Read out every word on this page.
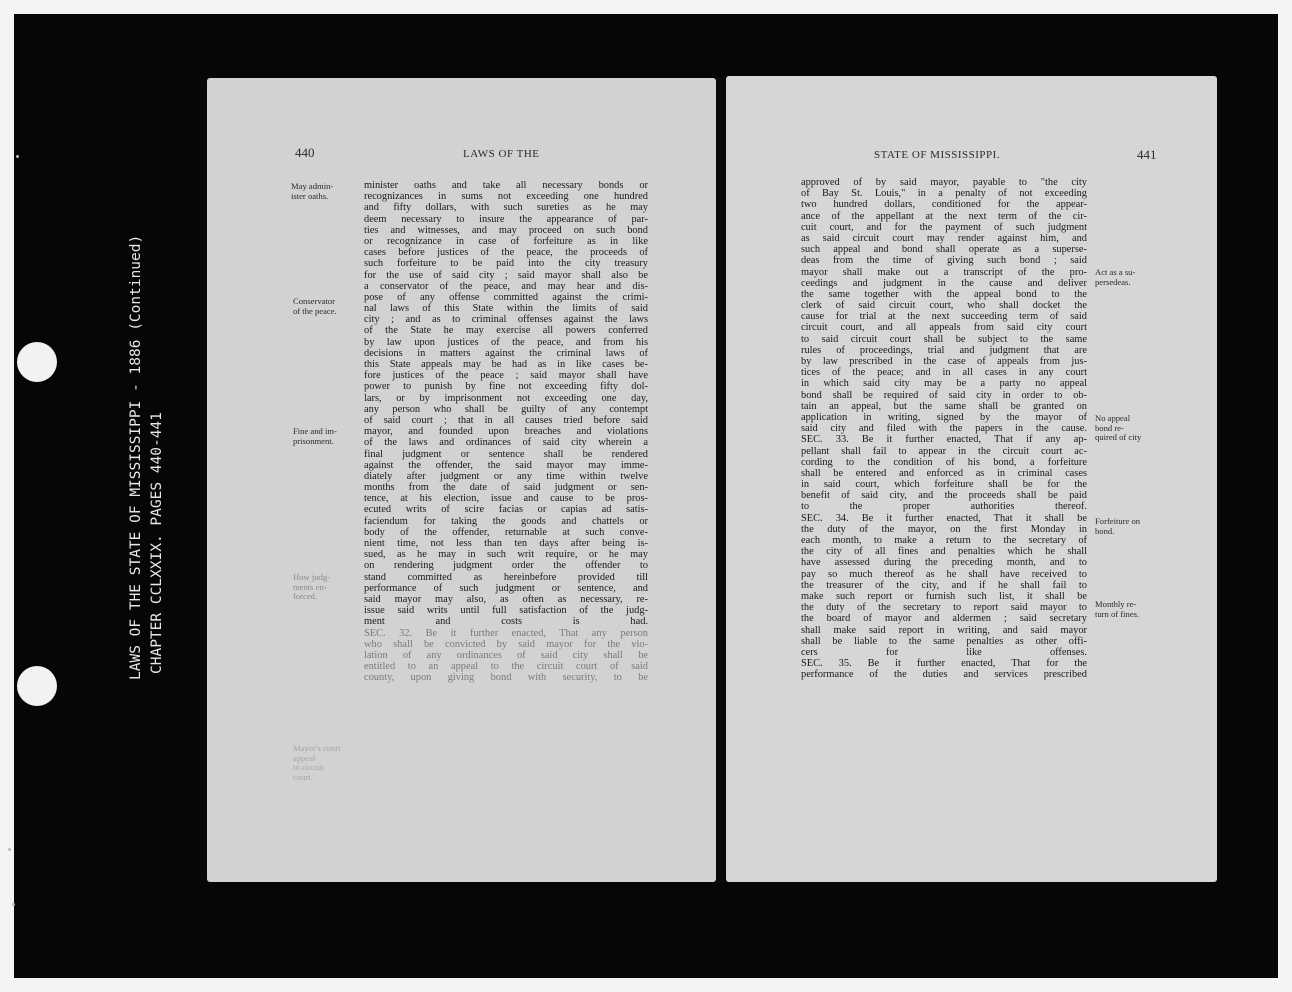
LAWS OF THE STATE OF MISSISSIPPI - 1886 (Continued) CHAPTER CCLXXIX. PAGES 440-441
440	LAWS OF THE
May admin-
ister oaths.
Conservator
of the peace.
Fine and im-
prisonment.
How judg-
ments en-
forced.
Mayor's court
appeal
to circuit
court
minister oaths and take all necessary bonds or
recognizances in sums not exceeding one hundred
and fifty dollars, with such sureties as he may
deem necessary to insure the appearance of par-
ties and witnesses, and may proceed on such bond
or recognizance in case of forfeiture as in like
cases before justices of the peace, the proceeds of
such forfeiture to be paid into the city treasury
for the use of said city ; said mayor shall also be
a conservator of the peace, and may hear and dis-
pose of any offense committed against the crimi-
nal laws of this State within the limits of said
city ; and as to criminal offenses against the laws
of the State he may exercise all powers conferred
by law upon justices of the peace, and from his
decisions in matters against the criminal laws of
this State appeals may be had as in like cases be-
fore justices of the peace ; said mayor shall have
power to punish by fine not exceeding fifty dol-
lars, or by imprisonment not exceeding one day,
any person who shall be guilty of any contempt
of said court ; that in all causes tried before said
mayor, and founded upon breaches and violations
of the laws and ordinances of said city wherein a
final judgment or sentence shall be rendered
against the offender, the said mayor may imme-
diately after judgment or any time within twelve
months from the date of said judgment or sen-
tence, at his election, issue and cause to be pros-
ecuted writs of scire facias or capias ad satis-
faciendum for taking the goods and chattels or
body of the offender, returnable at such conve-
nient time, not less than ten days after being is-
sued, as he may in such writ require, or he may
on rendering judgment order the offender to
stand committed as hereinbefore provided till
performance of such judgment or sentence, and
said mayor may also, as often as necessary, re-
issue said writs until full satisfaction of the judg-
ment and costs is had.
SEC. 32. Be it further enacted, That any person
who shall be convicted by said mayor for the vio-
lation of any ordinances of said city shall be
entitled to an appeal to the circuit court of said
county, upon giving bond with security, to be
STATE OF MISSISSIPPI.	441
Act as a su-
persedeas.
No appeal
bond re-
quired of city
Forfeiture on
bond.
Monthly re-
turn of fines.
approved of by said mayor, payable to "the city
of Bay St. Louis," in a penalty of not exceeding
two hundred dollars, conditioned for the appear-
ance of the appellant at the next term of the cir-
cuit court, and for the payment of such judgment
as said circuit court may render against him, and
such appeal and bond shall operate as a superse-
deas from the time of giving such bond ; said
mayor shall make out a transcript of the pro-
ceedings and judgment in the cause and deliver
the same together with the appeal bond to the
clerk of said circuit court, who shall docket the
cause for trial at the next succeeding term of said
circuit court, and all appeals from said city court
to said circuit court shall be subject to the same
rules of proceedings, trial and judgment that are
by law prescribed in the case of appeals from jus-
tices of the peace; and in all cases in any court
in which said city may be a party no appeal
bond shall be required of said city in order to ob-
tain an appeal, but the same shall be granted on
application in writing, signed by the mayor of
said city and filed with the papers in the cause.
SEC. 33. Be it further enacted, That if any ap-
pellant shall fail to appear in the circuit court ac-
cording to the condition of his bond, a forfeiture
shall be entered and enforced as in criminal cases
in said court, which forfeiture shall be for the
benefit of said city, and the proceeds shall be paid
to the proper authorities thereof.
SEC. 34. Be it further enacted, That it shall be
the duty of the mayor, on the first Monday in
each month, to make a return to the secretary of
the city of all fines and penalties which he shall
have assessed during the preceding month, and to
pay so much thereof as he shall have received to
the treasurer of the city, and if he shall fail to
make such report or furnish such list, it shall be
the duty of the secretary to report said mayor to
the board of mayor and aldermen ; said secretary
shall make said report in writing, and said mayor
shall be liable to the same penalties as other offi-
cers for like offenses.
SEC. 35. Be it further enacted, That for the
performance of the duties and services prescribed
